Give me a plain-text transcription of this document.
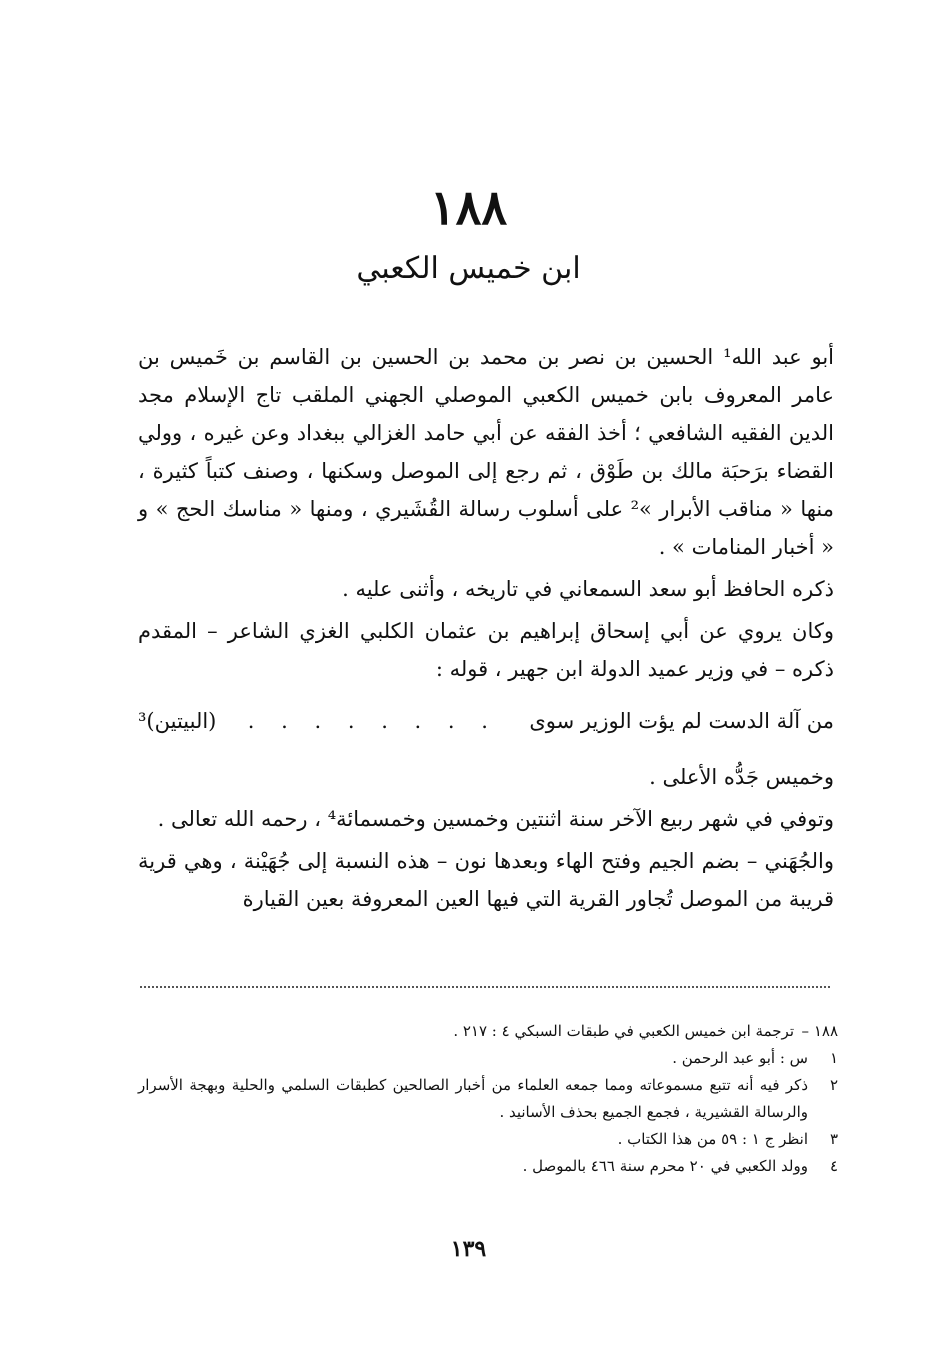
١٨٨
ابن خميس الكعبي

أبو عبد الله¹ الحسين بن نصر بن محمد بن الحسين بن القاسم بن خَميس بن عامر المعروف بابن خميس الكعبي الموصلي الجهني الملقب تاج الإسلام مجد الدين الفقيه الشافعي ؛ أخذ الفقه عن أبي حامد الغزالي ببغداد وعن غيره ، وولي القضاء برَحبَة مالك بن طَوْق ، ثم رجع إلى الموصل وسكنها ، وصنف كتباً كثيرة ، منها « مناقب الأبرار »² على أسلوب رسالة القُشَيري ، ومنها « مناسك الحج » و « أخبار المنامات » .

ذكره الحافظ أبو سعد السمعاني في تاريخه ، وأثنى عليه .

وكان يروي عن أبي إسحاق إبراهيم بن عثمان الكلبي الغزي الشاعر – المقدم ذكره – في وزير عميد الدولة ابن جهير ، قوله :

من آلة الدست لم يؤت الوزير سوى
. . . . . . . .
(البيتين)³

وخميس جَدُّه الأعلى .

وتوفي في شهر ربيع الآخر سنة اثنتين وخمسين وخمسمائة⁴ ، رحمه الله تعالى .

والجُهَني – بضم الجيم وفتح الهاء وبعدها نون – هذه النسبة إلى جُهَيْنة ، وهي قرية قريبة من الموصل تُجاور القرية التي فيها العين المعروفة بعين القيارة

١٨٨ –
ترجمة ابن خميس الكعبي في طبقات السبكي ٤ : ٢١٧ .
١
س : أبو عبد الرحمن .
٢
ذكر فيه أنه تتبع مسموعاته ومما جمعه العلماء من أخبار الصالحين كطبقات السلمي والحلية وبهجة الأسرار والرسالة القشيرية ، فجمع الجميع بحذف الأسانيد .
٣
انظر ج ١ : ٥٩ من هذا الكتاب .
٤
وولد الكعبي في ٢٠ محرم سنة ٤٦٦ بالموصل .
١٣٩
